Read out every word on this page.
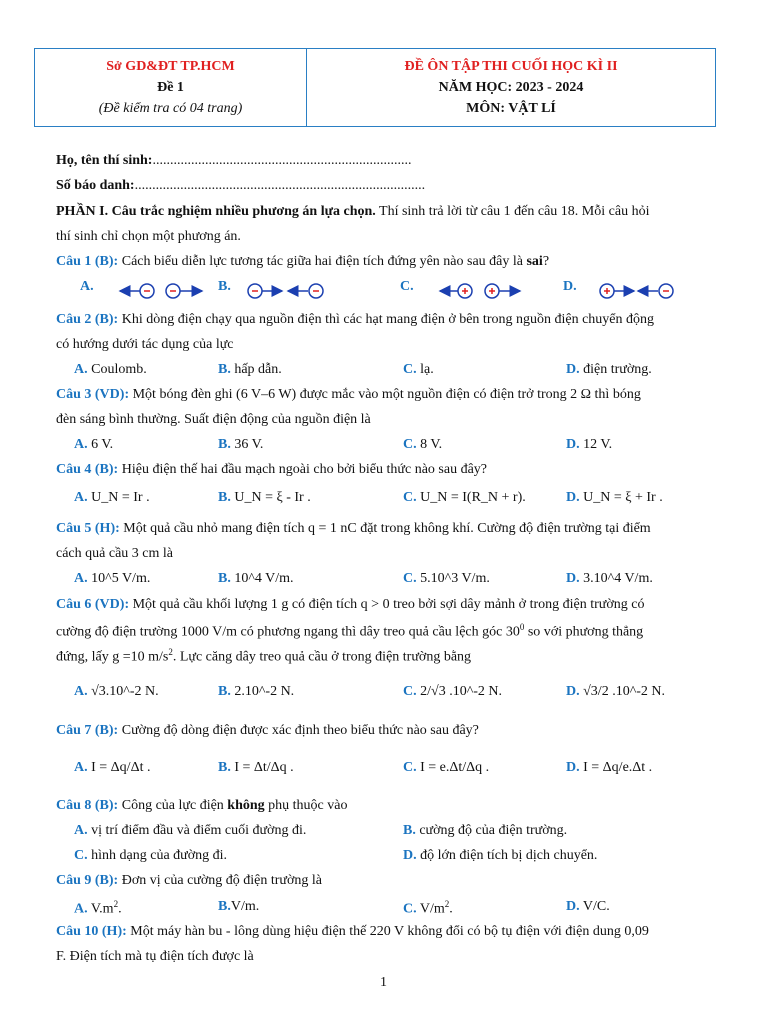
Sở GD&ĐT TP.HCM
Đề 1
(Đề kiểm tra có 04 trang)
ĐỀ ÔN TẬP THI CUỐI HỌC KÌ II
NĂM HỌC: 2023 - 2024
MÔN: VẬT LÍ
Họ, tên thí sinh:..........................................................................
Số báo danh:...................................................................................
PHẦN I. Câu trắc nghiệm nhiều phương án lựa chọn. Thí sinh trả lời từ câu 1 đến câu 18. Mỗi câu hỏi
thí sinh chỉ chọn một phương án.
Câu 1 (B): Cách biểu diễn lực tương tác giữa hai điện tích đứng yên nào sau đây là sai?
A.	B.	C.	D.
Câu 2 (B): Khi dòng điện chạy qua nguồn điện thì các hạt mang điện ở bên trong nguồn điện chuyển động
có hướng dưới tác dụng của lực
A. Coulomb.	B. hấp dẫn.	C. lạ.	D. điện trường.
Câu 3 (VD): Một bóng đèn ghi (6 V–6 W) được mắc vào một nguồn điện có điện trở trong 2 Ω thì bóng
đèn sáng bình thường. Suất điện động của nguồn điện là
A. 6 V.	B. 36 V.	C. 8 V.	D. 12 V.
Câu 4 (B): Hiệu điện thế hai đầu mạch ngoài cho bởi biểu thức nào sau đây?
A. U_N = Ir .	B. U_N = ξ - Ir .	C. U_N = I(R_N + r).	D. U_N = ξ + Ir .
Câu 5 (H): Một quả cầu nhỏ mang điện tích q = 1 nC đặt trong không khí. Cường độ điện trường tại điểm
cách quả cầu 3 cm là
A. 10^5 V/m.	B. 10^4 V/m.	C. 5.10^3 V/m.	D. 3.10^4 V/m.
Câu 6 (VD): Một quả cầu khối lượng 1 g có điện tích q > 0 treo bởi sợi dây mảnh ở trong điện trường có
cường độ điện trường 1000 V/m có phương ngang thì dây treo quả cầu lệch góc $30^0$ so với phương thẳng
đứng, lấy g =10 $m/s^2$. Lực căng dây treo quả cầu ở trong điện trường bằng
A. √3.10^-2 N.	B. 2.10^-2 N.	C. 2/√3 .10^-2 N.	D. √3/2 .10^-2 N.
Câu 7 (B): Cường độ dòng điện được xác định theo biểu thức nào sau đây?
A. I = Δq/Δt .	B. I = Δt/Δq .	C. I = e.Δt/Δq .	D. I = Δq/e.Δt .
Câu 8 (B): Công của lực điện không phụ thuộc vào
A. vị trí điểm đầu và điểm cuối đường đi.	B. cường độ của điện trường.
C. hình dạng của đường đi.	D. độ lớn điện tích bị dịch chuyển.
Câu 9 (B): Đơn vị của cường độ điện trường là
A. $V.m^2$.	B.V/m.	C. $V/m^2$.	D. V/C.
Câu 10 (H): Một máy hàn bu - lông dùng hiệu điện thế 220 V không đổi có bộ tụ điện với điện dung 0,09
F. Điện tích mà tụ điện tích được là
1
